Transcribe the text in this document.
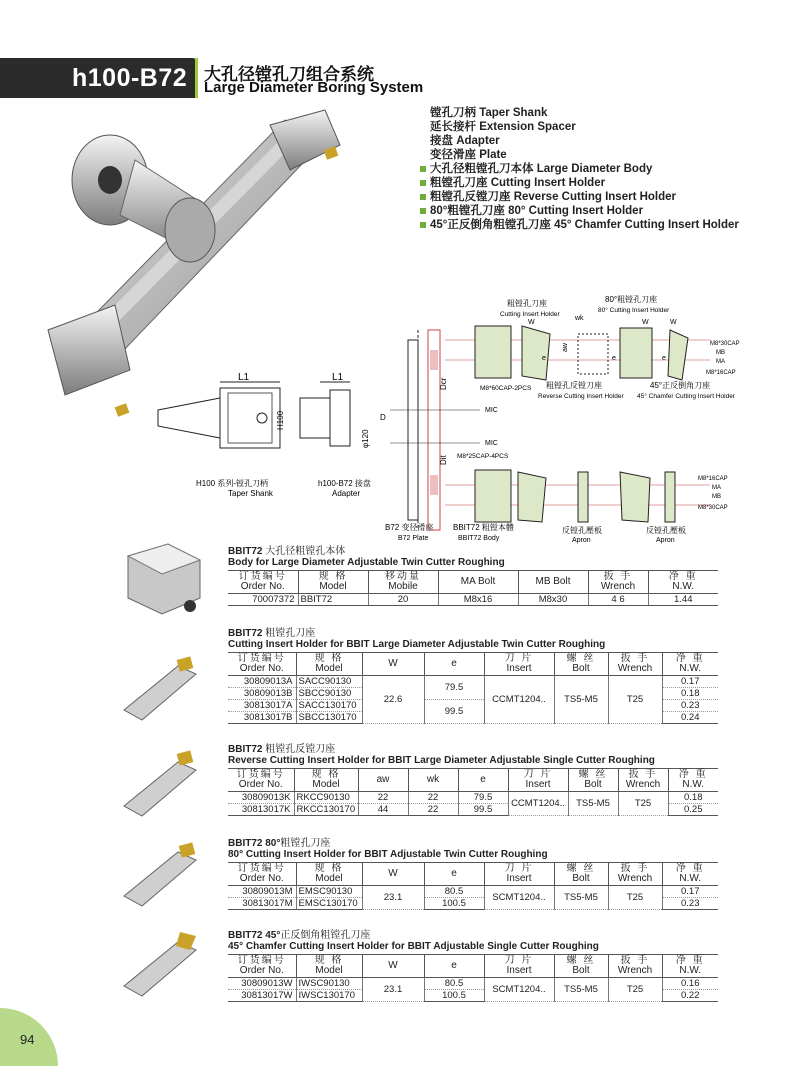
h100-B72 大孔径镗孔刀组合系统
Large Diameter Boring System
镗孔刀柄 Taper Shank
延长接杆 Extension Spacer
接盘 Adapter
变径滑座 Plate
大孔径粗镗孔刀本体 Large Diameter Body
粗镗孔刀座 Cutting Insert Holder
粗镗孔反镗刀座 Reverse Cutting Insert Holder
80°粗镗孔刀座 80° Cutting Insert Holder
45°正反倒角粗镗孔刀座 45° Chamfer Cutting Insert Holder
L1
H100
H100 系列-镗孔刀柄
Taper Shank
L1
φ120
D
h100-B72 接盘
Adapter
Dcr
Dit
MIC
MIC
M8*25CAP-4PCS
B72 变径滑座
B72 Plate
BBIT72 粗镗本體
BBIT72 Body
粗镗孔刀座
Cutting Insert Holder
80°粗镗孔刀座
80° Cutting Insert Holder
W
wk
W	W
aw
e	e	e
M8*60CAP-2PCS 粗镗孔反镗刀座
Reverse Cutting Insert Holder
45°正反倒角刀座
45° Chamfer Cutting Insert Holder
M8*30CAP
MB
MA
M8*16CAP
反镗孔壓板
Apron
反镗孔壓板
Apron
M8*16CAP
MA
MB
M8*30CAP
BBIT72 大孔径粗镗孔本体
Body for Large Diameter Adjustable Twin Cutter Roughing
订货编号
Order No.	规 格
Model	移动量
Mobile	MA Bolt	MB Bolt	扳 手
Wrench	净 重
N.W.

70007372	BBIT72	20	M8x16	M8x30	4 6	1.44
BBIT72 粗镗孔刀座
Cutting Insert Holder for BBIT Large Diameter Adjustable Twin Cutter Roughing
订货编号
Order No.	规 格
Model	W	e	刀 片
Insert	螺 丝
Bolt	扳 手
Wrench	净 重
N.W.

30809013A	SACC90130	22.6	79.5	CCMT1204..	TS5-M5	T25	0.17
30809013B	SBCC90130						0.18
30813017A	SACC130170		99.5				0.23
30813017B	SBCC130170						0.24
BBIT72 粗镗孔反镗刀座
Reverse Cutting Insert Holder for BBIT Large Diameter Adjustable Single Cutter Roughing
订货编号
Order No.	规 格
Model	aw	wk	e	刀 片
Insert	螺 丝
Bolt	扳 手
Wrench	净 重
N.W.

30809013K	RKCC90130	22	22	79.5	CCMT1204..	TS5-M5	T25	0.18
30813017K	RKCC130170	44	22	99.5				0.25
BBIT72 80°粗镗孔刀座
80° Cutting Insert Holder for BBIT Adjustable Twin Cutter Roughing
订货编号
Order No.	规 格
Model	W	e	刀 片
Insert	螺 丝
Bolt	扳 手
Wrench	净 重
N.W.

30809013M	EMSC90130	23.1	80.5	SCMT1204..	TS5-M5	T25	0.17
30813017M	EMSC130170		100.5				0.23
BBIT72 45°正反倒角粗镗孔刀座
45° Chamfer Cutting Insert Holder for BBIT Adjustable Single Cutter Roughing
订货编号
Order No.	规 格
Model	W	e	刀 片
Insert	螺 丝
Bolt	扳 手
Wrench	净 重
N.W.

30809013W	IWSC90130	23.1	80.5	SCMT1204..	TS5-M5	T25	0.16
30813017W	IWSC130170		100.5				0.22
94
